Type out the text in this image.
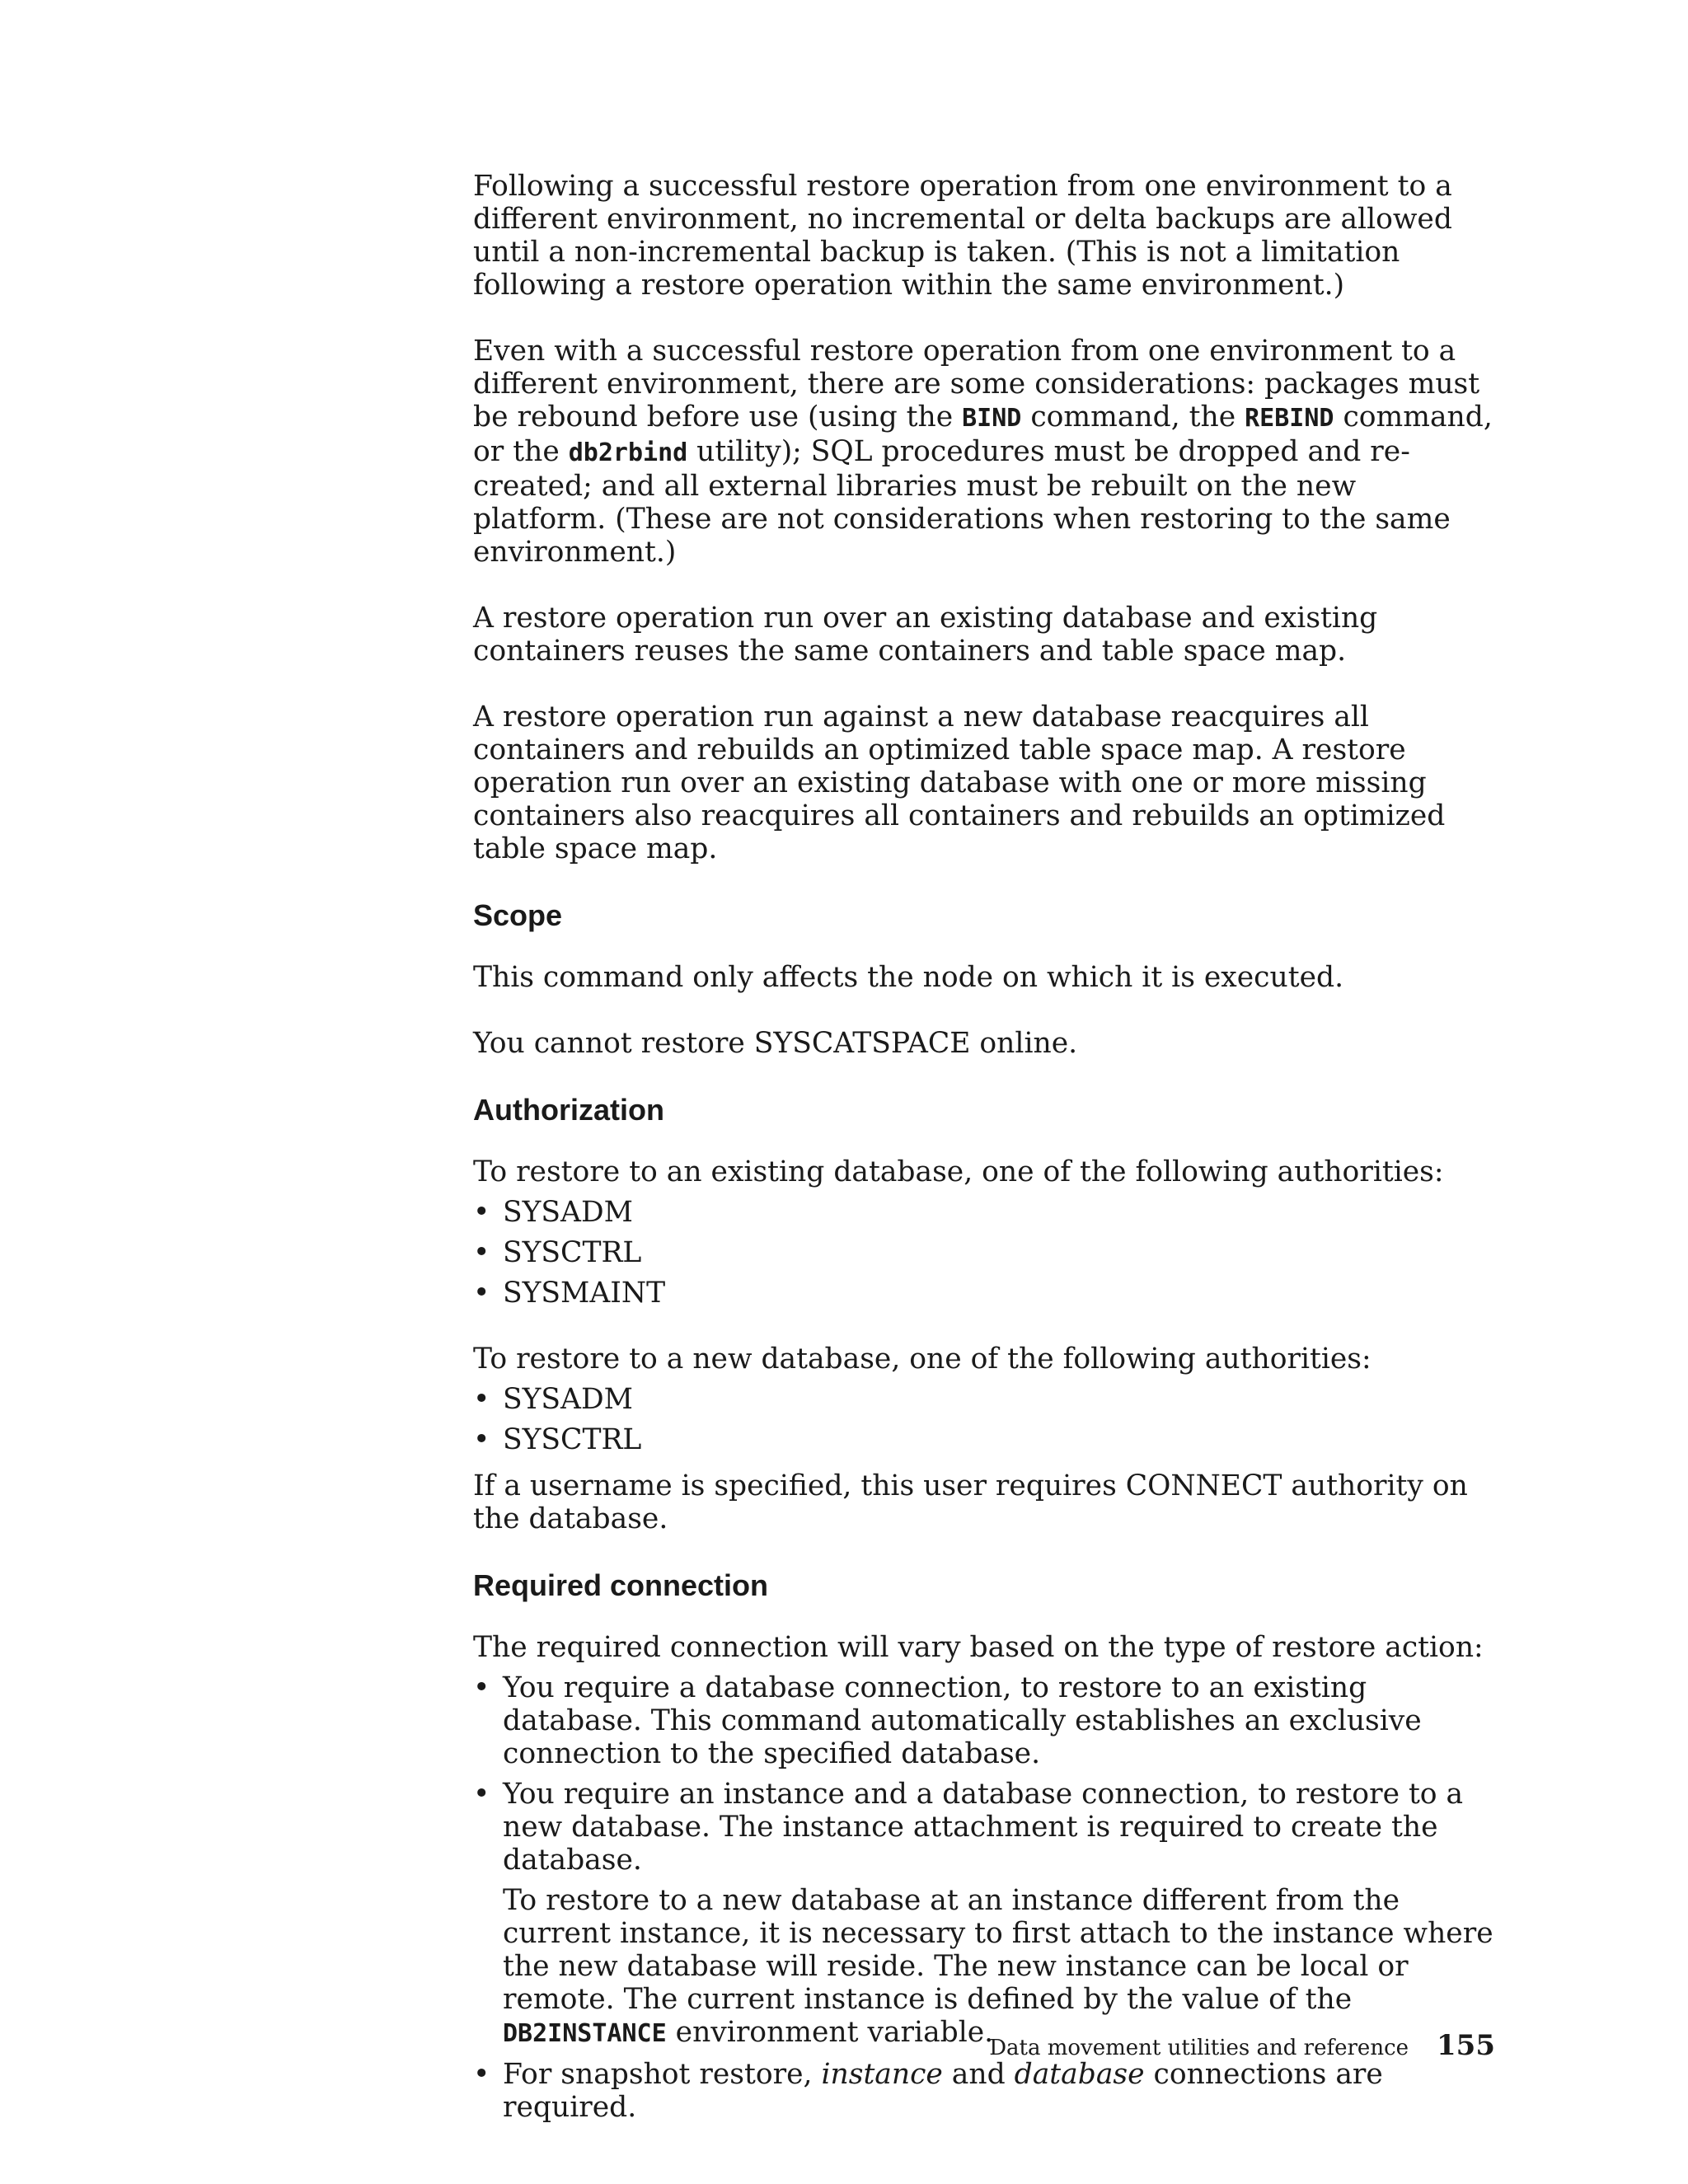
Following a successful restore operation from one environment to a different environment, no incremental or delta backups are allowed until a non-incremental backup is taken. (This is not a limitation following a restore operation within the same environment.)

Even with a successful restore operation from one environment to a different environment, there are some considerations: packages must be rebound before use (using the BIND command, the REBIND command, or the db2rbind utility); SQL procedures must be dropped and re-created; and all external libraries must be rebuilt on the new platform. (These are not considerations when restoring to the same environment.)

A restore operation run over an existing database and existing containers reuses the same containers and table space map.

A restore operation run against a new database reacquires all containers and rebuilds an optimized table space map. A restore operation run over an existing database with one or more missing containers also reacquires all containers and rebuilds an optimized table space map.

Scope

This command only affects the node on which it is executed.

You cannot restore SYSCATSPACE online.

Authorization

To restore to an existing database, one of the following authorities:

• SYSADM
• SYSCTRL
• SYSMAINT

To restore to a new database, one of the following authorities:

• SYSADM
• SYSCTRL

If a username is specified, this user requires CONNECT authority on the database.

Required connection

The required connection will vary based on the type of restore action:

• You require a database connection, to restore to an existing database. This command automatically establishes an exclusive connection to the specified database.
• You require an instance and a database connection, to restore to a new database. The instance attachment is required to create the database.
To restore to a new database at an instance different from the current instance, it is necessary to first attach to the instance where the new database will reside. The new instance can be local or remote. The current instance is defined by the value of the DB2INSTANCE environment variable.
• For snapshot restore, instance and database connections are required.
Data movement utilities and reference 155
